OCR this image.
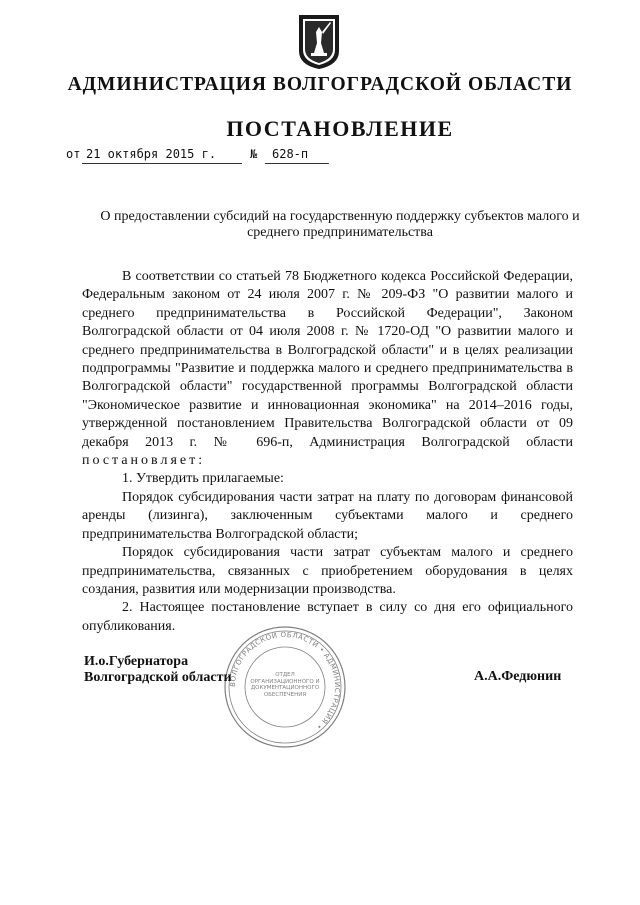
АДМИНИСТРАЦИЯ ВОЛГОГРАДСКОЙ ОБЛАСТИ
ПОСТАНОВЛЕНИЕ
от 21 октября 2015 г.	№ 628-п
О предоставлении субсидий на государственную поддержку субъектов малого и среднего предпринимательства

В соответствии со статьей 78 Бюджетного кодекса Российской Федерации, Федеральным законом от 24 июля 2007 г. № 209-ФЗ "О развитии малого и среднего предпринимательства в Российской Федерации", Законом Волгоградской области от 04 июля 2008 г. № 1720-ОД "О развитии малого и среднего предпринимательства в Волгоградской области" и в целях реализации подпрограммы "Развитие и поддержка малого и среднего предпринимательства в Волгоградской области" государственной программы Волгоградской области "Экономическое развитие и инновационная экономика" на 2014–2016 годы, утвержденной постановлением Правительства Волгоградской области от 09 декабря 2013 г. № 696-п, Администрация Волгоградской области постановляет:

1. Утвердить прилагаемые:

Порядок субсидирования части затрат на плату по договорам финансовой аренды (лизинга), заключенным субъектами малого и среднего предпринимательства Волгоградской области;

Порядок субсидирования части затрат субъектам малого и среднего предпринимательства, связанных с приобретением оборудования в целях создания, развития или модернизации производства.

2. Настоящее постановление вступает в силу со дня его официального опубликования.

ВОЛГОГРАДСКОЙ ОБЛАСТИ • АДМИНИСТРАЦИЯ •
ОТДЕЛ ОРГАНИЗАЦИОННОГО И ДОКУМЕНТАЦИОННОГО ОБЕСПЕЧЕНИЯ
И.о.Губернатора
Волгоградской области	А.А.Федюнин
